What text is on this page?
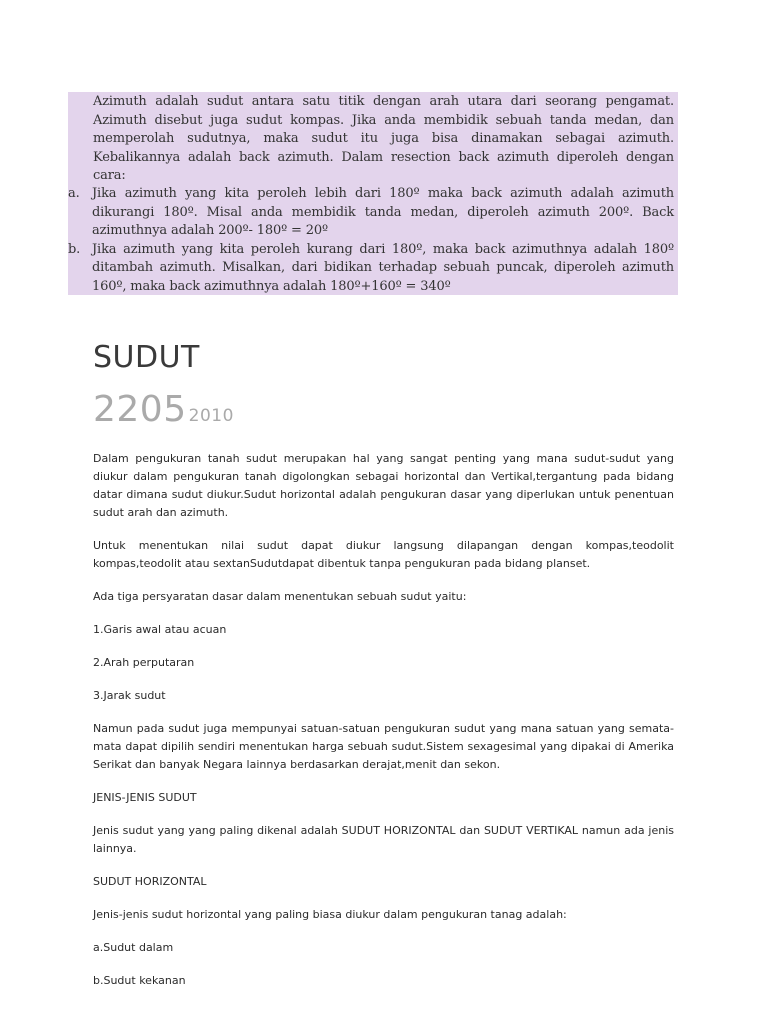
Azimuth adalah sudut antara satu titik dengan arah utara dari seorang pengamat. Azimuth disebut juga sudut kompas. Jika anda membidik sebuah tanda medan, dan memperolah sudutnya, maka sudut itu juga bisa dinamakan sebagai azimuth. Kebalikannya adalah back azimuth. Dalam resection back azimuth diperoleh dengan cara:

a. Jika azimuth yang kita peroleh lebih dari 180º maka back azimuth adalah azimuth dikurangi 180º. Misal anda membidik tanda medan, diperoleh azimuth 200º. Back azimuthnya adalah 200º- 180º = 20º
b. Jika azimuth yang kita peroleh kurang dari 180º, maka back azimuthnya adalah 180º ditambah azimuth. Misalkan, dari bidikan terhadap sebuah puncak, diperoleh azimuth 160º, maka back azimuthnya adalah 180º+160º = 340º
SUDUT
2205 2010

Dalam pengukuran tanah sudut merupakan hal yang sangat penting yang mana sudut-sudut yang diukur dalam pengukuran tanah digolongkan sebagai horizontal dan Vertikal,tergantung pada bidang datar dimana sudut diukur.Sudut horizontal adalah pengukuran dasar yang diperlukan untuk penentuan sudut arah dan azimuth.

Untuk menentukan nilai sudut dapat diukur langsung dilapangan dengan kompas,teodolit kompas,teodolit atau sextanSudutdapat dibentuk tanpa pengukuran pada bidang planset.

Ada tiga persyaratan dasar dalam menentukan sebuah sudut yaitu:

1.Garis awal atau acuan

2.Arah perputaran

3.Jarak sudut

Namun pada sudut juga mempunyai satuan-satuan pengukuran sudut yang mana satuan yang semata-mata dapat dipilih sendiri menentukan harga sebuah sudut.Sistem sexagesimal yang dipakai di Amerika Serikat dan banyak Negara lainnya berdasarkan derajat,menit dan sekon.

JENIS-JENIS SUDUT

Jenis sudut yang yang paling dikenal adalah SUDUT HORIZONTAL dan SUDUT VERTIKAL namun ada jenis lainnya.

SUDUT HORIZONTAL

Jenis-jenis sudut horizontal yang paling biasa diukur dalam pengukuran tanag adalah:

a.Sudut dalam

b.Sudut kekanan
